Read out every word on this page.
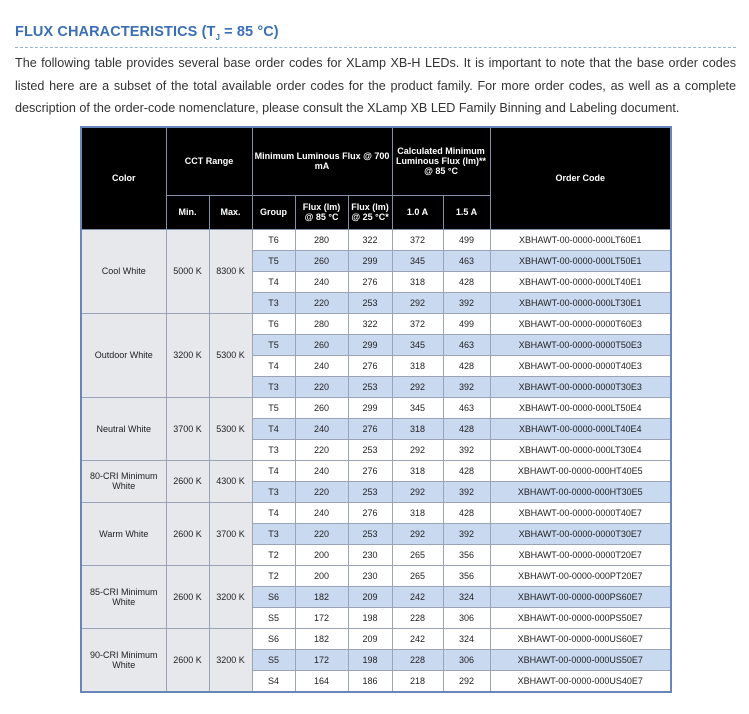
FLUX CHARACTERISTICS ($T_J = 85$ °C)
The following table provides several base order codes for XLamp XB-H LEDs. It is important to note that the base order codes listed here are a subset of the total available order codes for the product family. For more order codes, as well as a complete description of the order-code nomenclature, please consult the XLamp XB LED Family Binning and Labeling document.
Color	CCT Range		Minimum Luminous Flux @ 700 mA			Calculated Minimum Luminous Flux (lm)** @ 85 °C		Order Code
	Min.	Max.	Group	Flux (lm) @ 85 °C	Flux (lm) @ 25 °C*	1.0 A	1.5 A	
Cool White	5000 K	8300 K	T6	280	322	372	499	XBHAWT-00-0000-000LT60E1
			T5	260	299	345	463	XBHAWT-00-0000-000LT50E1
			T4	240	276	318	428	XBHAWT-00-0000-000LT40E1
			T3	220	253	292	392	XBHAWT-00-0000-000LT30E1
Outdoor White	3200 K	5300 K	T6	280	322	372	499	XBHAWT-00-0000-0000T60E3
			T5	260	299	345	463	XBHAWT-00-0000-0000T50E3
			T4	240	276	318	428	XBHAWT-00-0000-0000T40E3
			T3	220	253	292	392	XBHAWT-00-0000-0000T30E3
Neutral White	3700 K	5300 K	T5	260	299	345	463	XBHAWT-00-0000-000LT50E4
			T4	240	276	318	428	XBHAWT-00-0000-000LT40E4
			T3	220	253	292	392	XBHAWT-00-0000-000LT30E4
80-CRI Minimum White	2600 K	4300 K	T4	240	276	318	428	XBHAWT-00-0000-000HT40E5
			T3	220	253	292	392	XBHAWT-00-0000-000HT30E5
Warm White	2600 K	3700 K	T4	240	276	318	428	XBHAWT-00-0000-0000T40E7
			T3	220	253	292	392	XBHAWT-00-0000-0000T30E7
			T2	200	230	265	356	XBHAWT-00-0000-0000T20E7
85-CRI Minimum White	2600 K	3200 K	T2	200	230	265	356	XBHAWT-00-0000-000PT20E7
			S6	182	209	242	324	XBHAWT-00-0000-000PS60E7
			S5	172	198	228	306	XBHAWT-00-0000-000PS50E7
90-CRI Minimum White	2600 K	3200 K	S6	182	209	242	324	XBHAWT-00-0000-000US60E7
			S5	172	198	228	306	XBHAWT-00-0000-000US50E7
			S4	164	186	218	292	XBHAWT-00-0000-000US40E7
